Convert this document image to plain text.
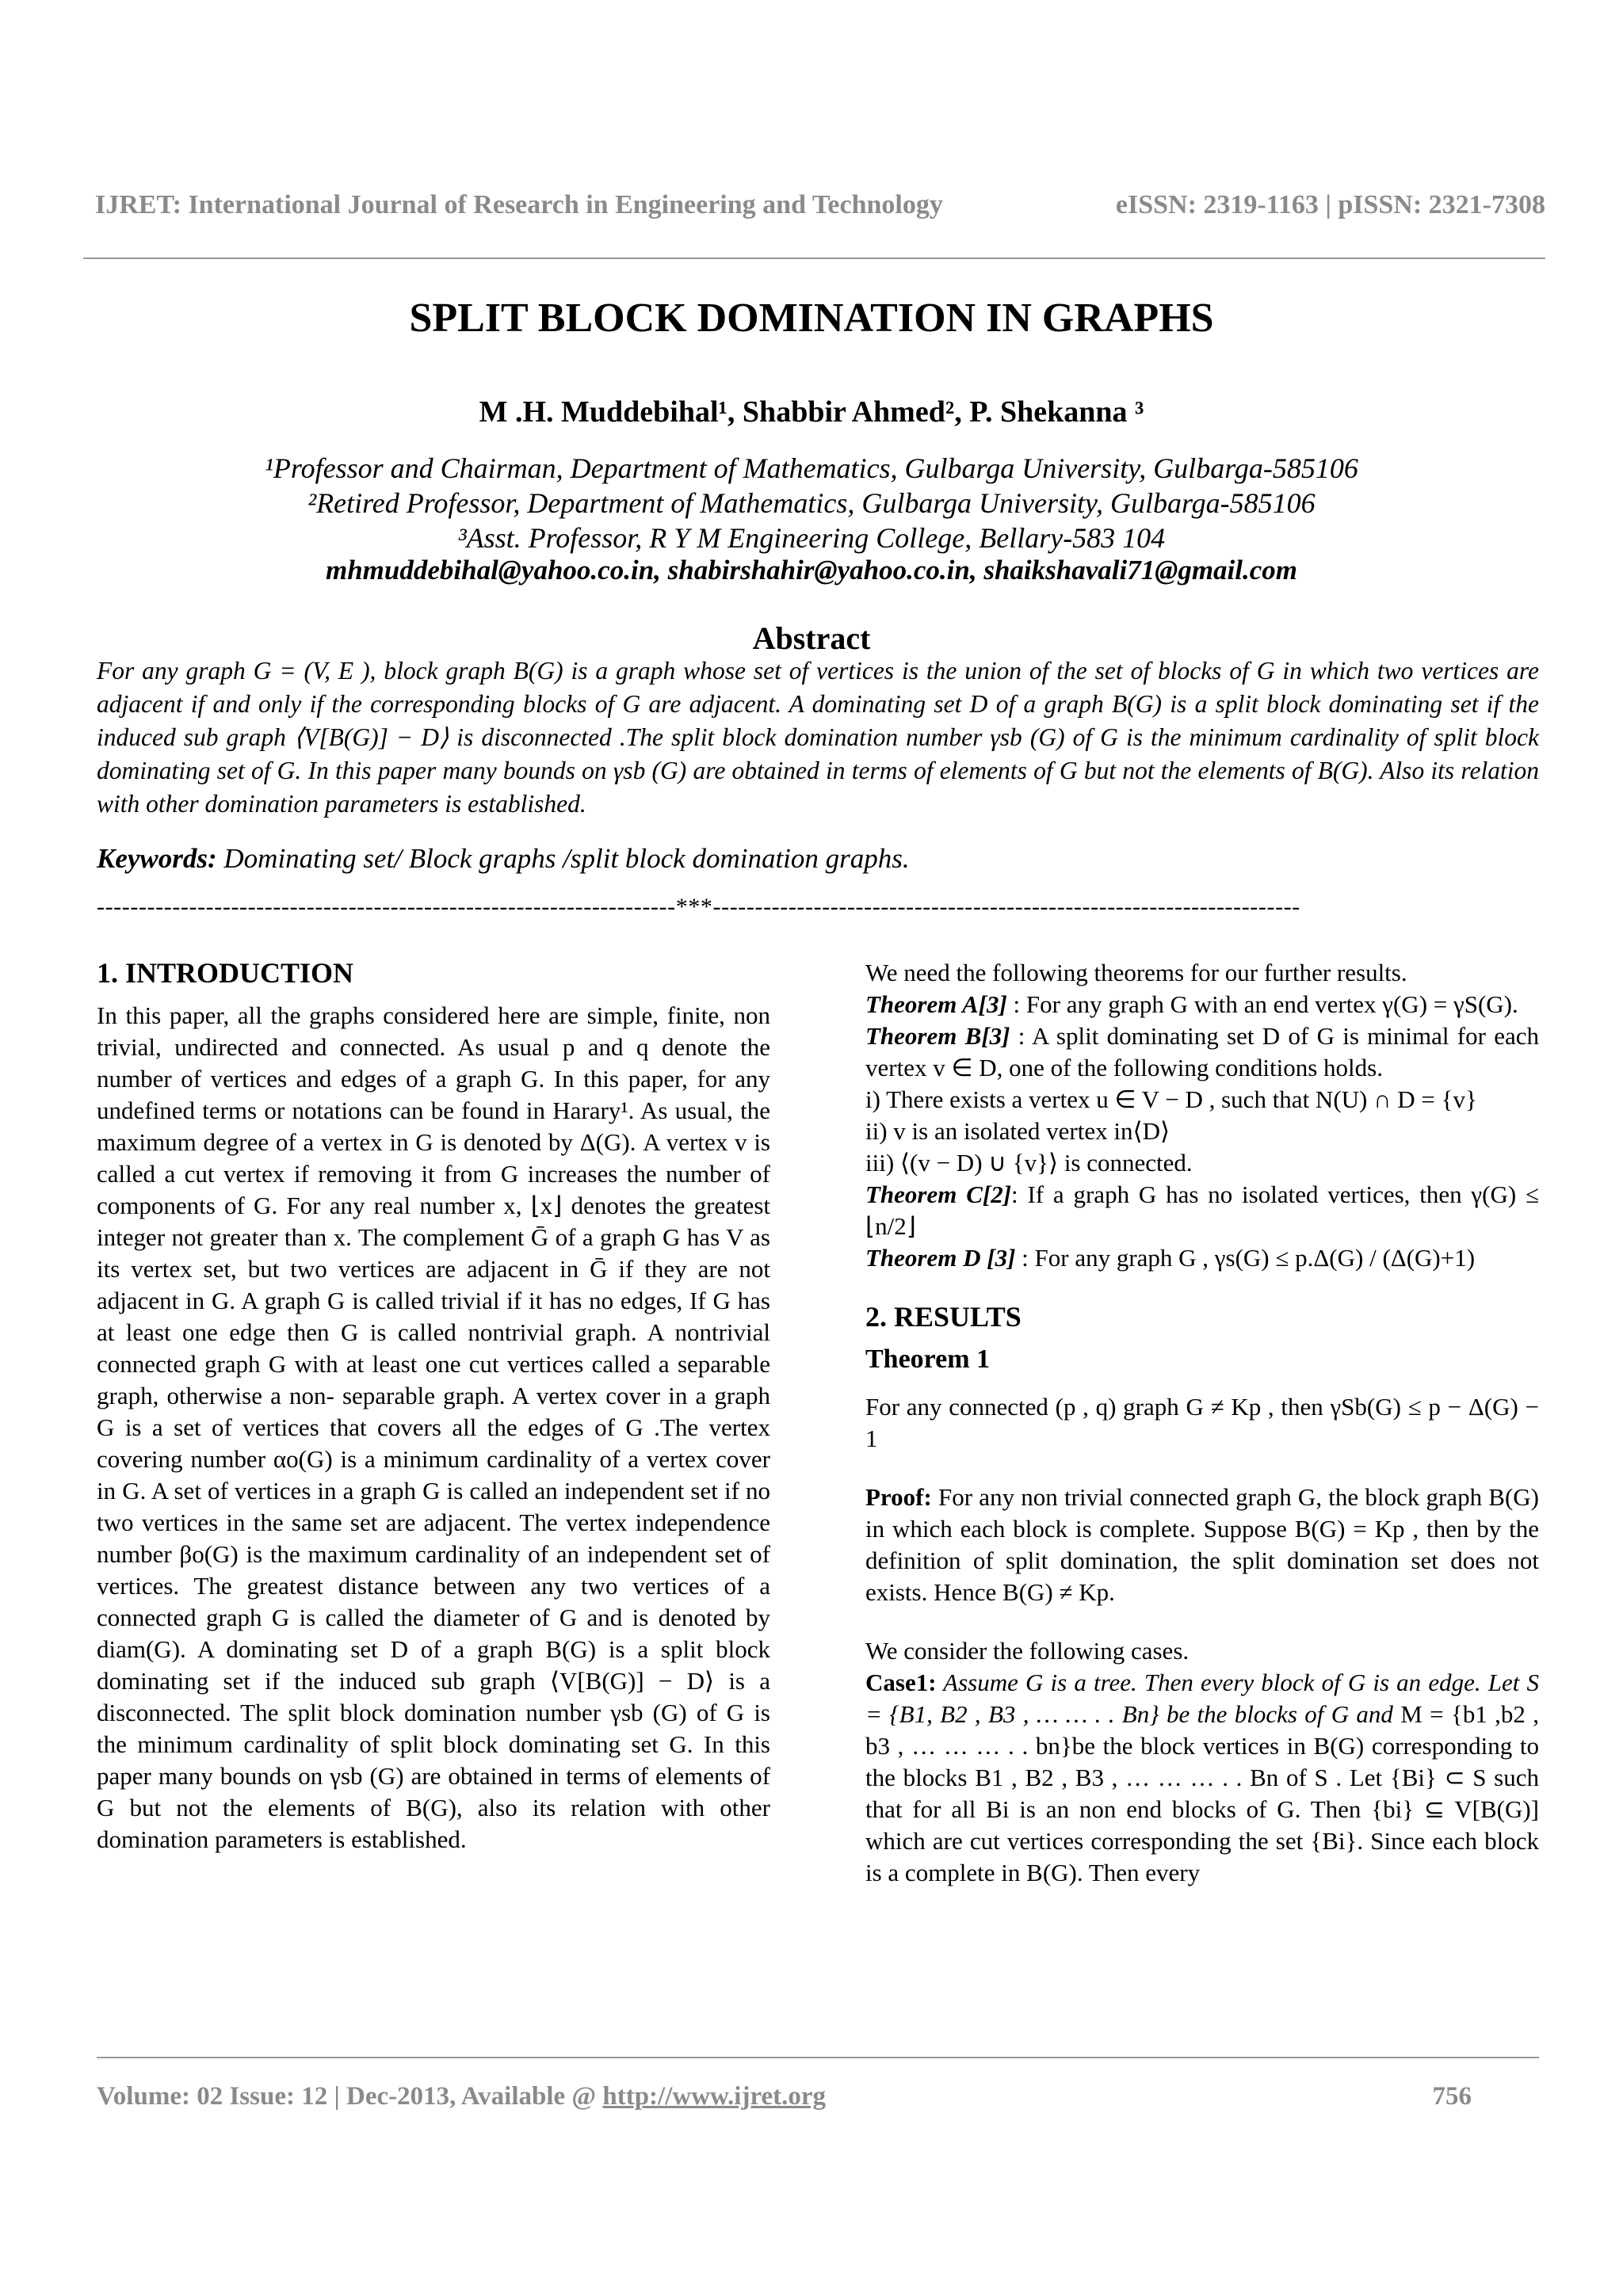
IJRET: International Journal of Research in Engineering and Technology	eISSN: 2319-1163 | pISSN: 2321-7308
SPLIT BLOCK DOMINATION IN GRAPHS
M .H. Muddebihal¹, Shabbir Ahmed², P. Shekanna ³
¹Professor and Chairman, Department of Mathematics, Gulbarga University, Gulbarga-585106
²Retired Professor, Department of Mathematics, Gulbarga University, Gulbarga-585106
³Asst. Professor, R Y M Engineering College, Bellary-583 104
mhmuddebihal@yahoo.co.in, shabirshahir@yahoo.co.in, shaikshavali71@gmail.com
Abstract
For any graph G = (V, E ), block graph B(G) is a graph whose set of vertices is the union of the set of blocks of G in which two vertices are adjacent if and only if the corresponding blocks of G are adjacent. A dominating set D of a graph B(G) is a split block dominating set if the induced sub graph ⟨V[B(G)] − D⟩ is disconnected .The split block domination number γsb (G) of G is the minimum cardinality of split block dominating set of G. In this paper many bounds on γsb (G) are obtained in terms of elements of G but not the elements of B(G). Also its relation with other domination parameters is established.
Keywords: Dominating set/ Block graphs /split block domination graphs.
---------------------------------------------------------------------***----------------------------------------------------------------------

1. INTRODUCTION

In this paper, all the graphs considered here are simple, finite, non trivial, undirected and connected. As usual p and q denote the number of vertices and edges of a graph G. In this paper, for any undefined terms or notations can be found in Harary¹. As usual, the maximum degree of a vertex in G is denoted by Δ(G). A vertex v is called a cut vertex if removing it from G increases the number of components of G. For any real number x, ⌊x⌋ denotes the greatest integer not greater than x. The complement Ḡ of a graph G has V as its vertex set, but two vertices are adjacent in Ḡ if they are not adjacent in G. A graph G is called trivial if it has no edges, If G has at least one edge then G is called nontrivial graph. A nontrivial connected graph G with at least one cut vertices called a separable graph, otherwise a non- separable graph. A vertex cover in a graph G is a set of vertices that covers all the edges of G .The vertex covering number αo(G) is a minimum cardinality of a vertex cover in G. A set of vertices in a graph G is called an independent set if no two vertices in the same set are adjacent. The vertex independence number βo(G) is the maximum cardinality of an independent set of vertices. The greatest distance between any two vertices of a connected graph G is called the diameter of G and is denoted by diam(G). A dominating set D of a graph B(G) is a split block dominating set if the induced sub graph ⟨V[B(G)] − D⟩ is a disconnected. The split block domination number γsb (G) of G is the minimum cardinality of split block dominating set G. In this paper many bounds on γsb (G) are obtained in terms of elements of G but not the elements of B(G), also its relation with other domination parameters is established.

We need the following theorems for our further results.

Theorem A[3] : For any graph G with an end vertex γ(G) = γS(G).

Theorem B[3] : A split dominating set D of G is minimal for each vertex v ∈ D, one of the following conditions holds.

i) There exists a vertex u ∈ V − D , such that N(U) ∩ D = {v}

ii) v is an isolated vertex in⟨D⟩

iii) ⟨(v − D) ∪ {v}⟩ is connected.

Theorem C[2]: If a graph G has no isolated vertices, then γ(G) ≤ ⌊n/2⌋

Theorem D [3] : For any graph G , γs(G) ≤ p.Δ(G) / (Δ(G)+1)

2. RESULTS

Theorem 1

For any connected (p , q) graph G ≠ Kp , then γSb(G) ≤ p − Δ(G) − 1

Proof: For any non trivial connected graph G, the block graph B(G) in which each block is complete. Suppose B(G) = Kp , then by the definition of split domination, the split domination set does not exists. Hence B(G) ≠ Kp.

We consider the following cases.

Case1: Assume G is a tree. Then every block of G is an edge. Let S = {B1, B2 , B3 , … … . . Bn} be the blocks of G and M = {b1 ,b2 , b3 , … … … . . bn}be the block vertices in B(G) corresponding to the blocks B1 , B2 , B3 , … … … . . Bn of S . Let {Bi} ⊂ S such that for all Bi is an non end blocks of G. Then {bi} ⊆ V[B(G)] which are cut vertices corresponding the set {Bi}. Since each block is a complete in B(G). Then every

Volume: 02 Issue: 12 | Dec-2013, Available @ http://www.ijret.org	756
